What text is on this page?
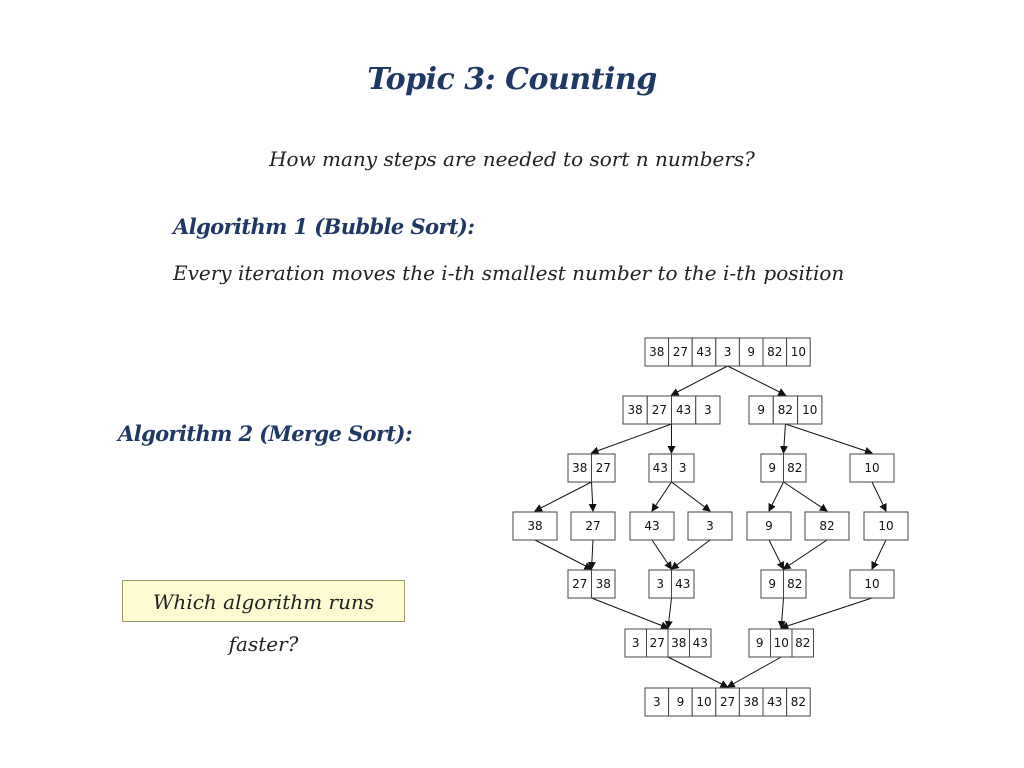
Topic 3: Counting
How many steps are needed to sort n numbers?
Algorithm 1 (Bubble Sort):
Every iteration moves the i-th smallest number to the i-th position
Algorithm 2 (Merge Sort):
Which algorithm runs faster?
38 27 43 3 9 82 10
38 27 43 3	9 82 10
38 27	43 3	9 82	10
38	27	43	3	9	82	10
27 38	3 43	9 82	10
3 27 38 43	9 10 82
3 9 10 27 38 43 82
